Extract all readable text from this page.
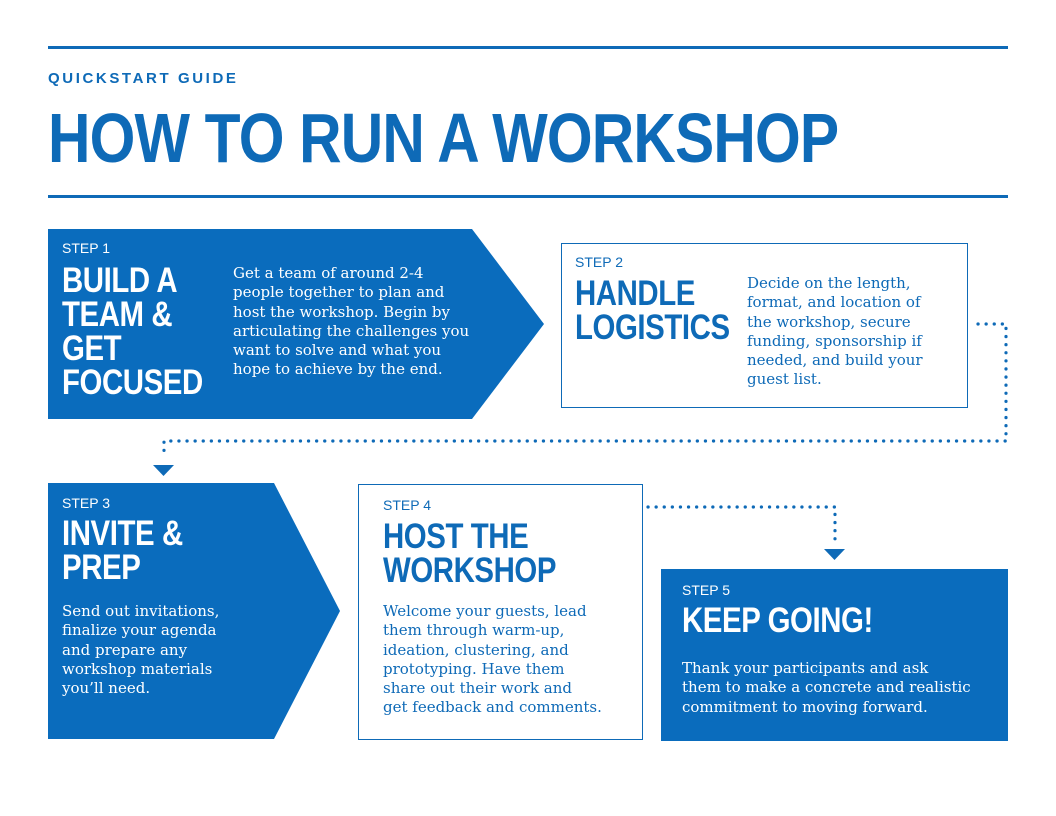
QUICKSTART GUIDE
HOW TO RUN A WORKSHOP
STEP 1
BUILD A
TEAM &
GET
FOCUSED
Get a team of around 2-4
people together to plan and
host the workshop. Begin by
articulating the challenges you
want to solve and what you
hope to achieve by the end.
STEP 2
HANDLE
LOGISTICS
Decide on the length,
format, and location of
the workshop, secure
funding, sponsorship if
needed, and build your
guest list.
STEP 3
INVITE &
PREP
Send out invitations,
finalize your agenda
and prepare any
workshop materials
you’ll need.
STEP 4
HOST THE
WORKSHOP
Welcome your guests, lead
them through warm-up,
ideation, clustering, and
prototyping. Have them
share out their work and
get feedback and comments.
STEP 5
KEEP GOING!
Thank your participants and ask
them to make a concrete and realistic
commitment to moving forward.
